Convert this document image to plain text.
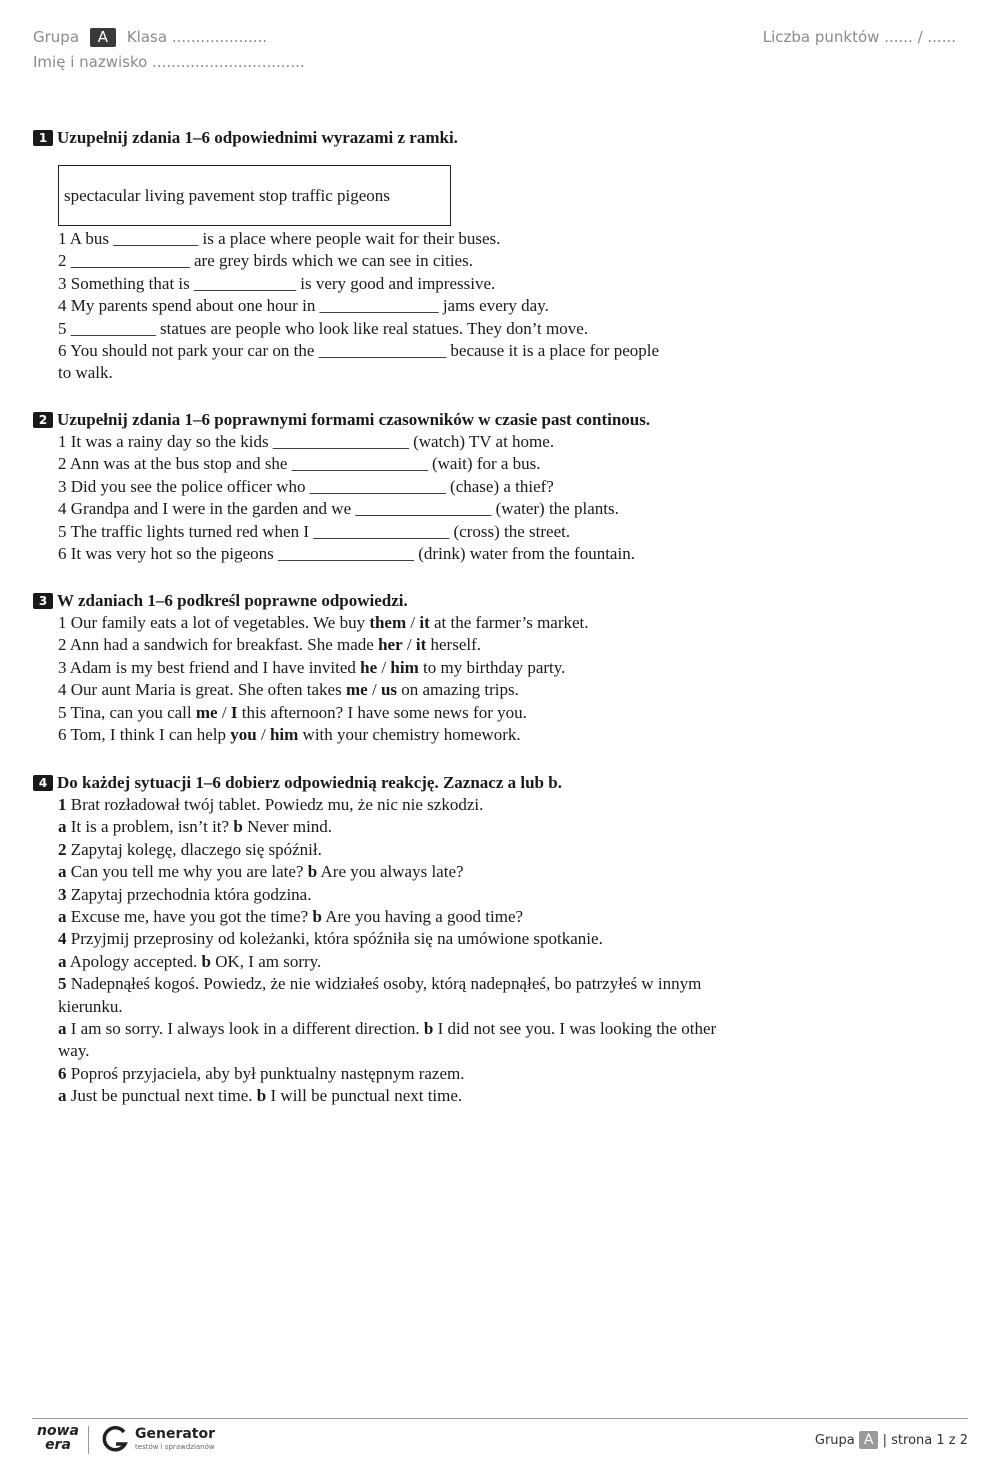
Grupa A Klasa ....................
Imię i nazwisko ................................
Liczba punktów ...... / ......

1 Uzupełnij zdania 1–6 odpowiednimi wyrazami z ramki.

spectacular living pavement stop traffic pigeons
1 A bus __________ is a place where people wait for their buses.
2 ______________ are grey birds which we can see in cities.
3 Something that is ____________ is very good and impressive.
4 My parents spend about one hour in ______________ jams every day.
5 __________ statues are people who look like real statues. They don’t move.
6 You should not park your car on the _______________ because it is a place for people
to walk.

2 Uzupełnij zdania 1–6 poprawnymi formami czasowników w czasie past continous.

1 It was a rainy day so the kids ________________ (watch) TV at home.
2 Ann was at the bus stop and she ________________ (wait) for a bus.
3 Did you see the police officer who ________________ (chase) a thief?
4 Grandpa and I were in the garden and we ________________ (water) the plants.
5 The traffic lights turned red when I ________________ (cross) the street.
6 It was very hot so the pigeons ________________ (drink) water from the fountain.

3 W zdaniach 1–6 podkreśl poprawne odpowiedzi.

1 Our family eats a lot of vegetables. We buy them / it at the farmer’s market.
2 Ann had a sandwich for breakfast. She made her / it herself.
3 Adam is my best friend and I have invited he / him to my birthday party.
4 Our aunt Maria is great. She often takes me / us on amazing trips.
5 Tina, can you call me / I this afternoon? I have some news for you.
6 Tom, I think I can help you / him with your chemistry homework.

4 Do każdej sytuacji 1–6 dobierz odpowiednią reakcję. Zaznacz a lub b.

1 Brat rozładował twój tablet. Powiedz mu, że nic nie szkodzi.
a It is a problem, isn’t it? b Never mind.
2 Zapytaj kolegę, dlaczego się spóźnił.
a Can you tell me why you are late? b Are you always late?
3 Zapytaj przechodnia która godzina.
a Excuse me, have you got the time? b Are you having a good time?
4 Przyjmij przeprosiny od koleżanki, która spóźniła się na umówione spotkanie.
a Apology accepted. b OK, I am sorry.
5 Nadepnąłeś kogoś. Powiedz, że nie widziałeś osoby, którą nadepnąłeś, bo patrzyłeś w innym kierunku.
a I am so sorry. I always look in a different direction. b I did not see you. I was looking the other way.
6 Poproś przyjaciela, aby był punktualny następnym razem.
a Just be punctual next time. b I will be punctual next time.
nowa
era
Generator
testów i sprawdzianów	Grupa A | strona 1 z 2
